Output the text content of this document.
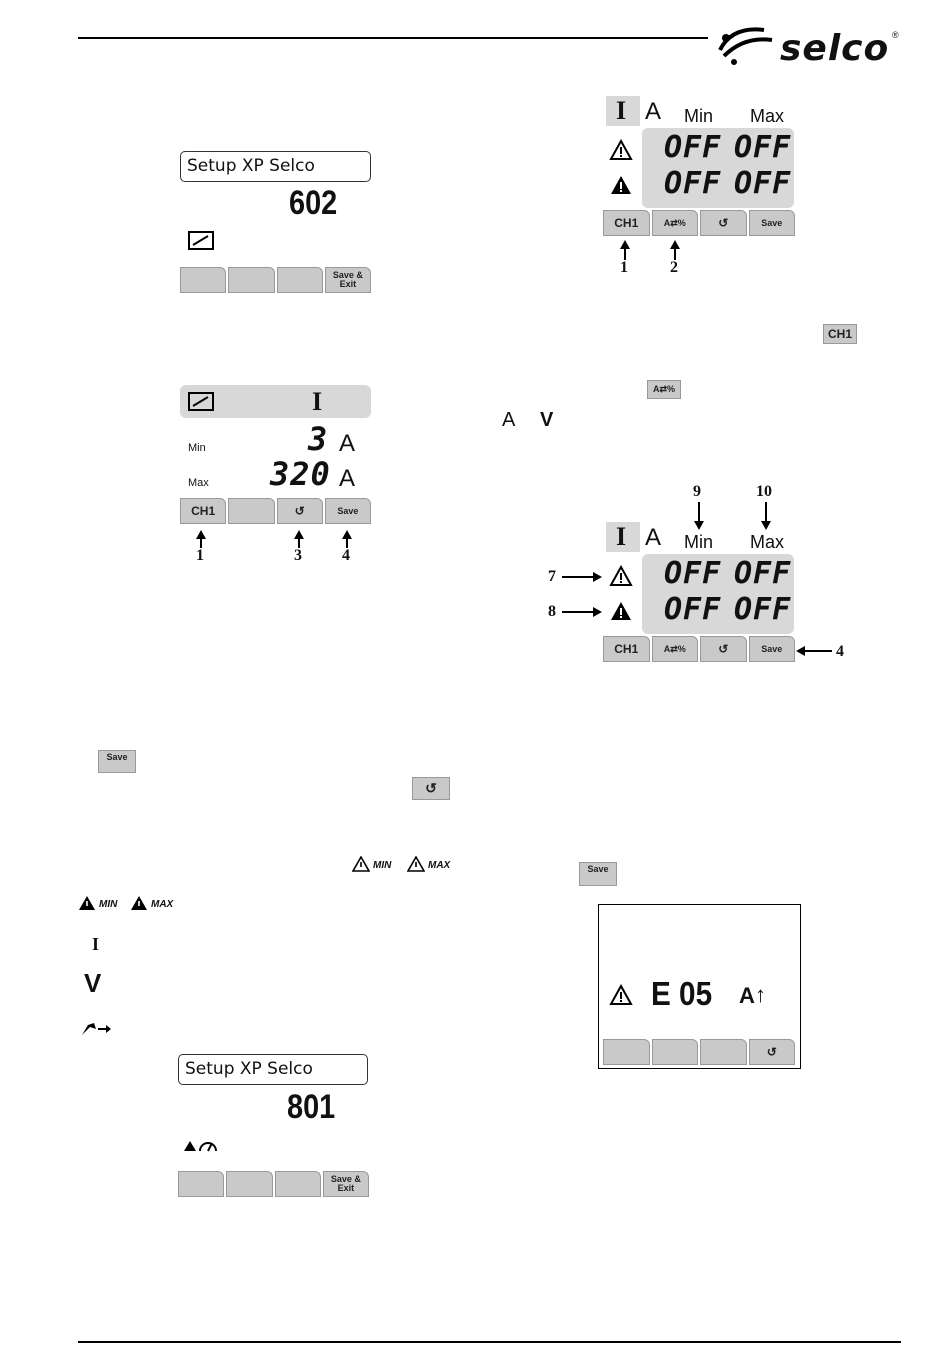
selco ®
Setup XP Selco
602
Save & Exit
I
Min	3 A
Max 320 A
CH1	↺	Save
1	3	4
I A Min Max
OFF OFF
OFF OFF
CH1	A⇄%	↺	Save
1	2
CH1
A⇄%
A V
9	10
I A Min Max
OFF OFF
OFF OFF
7
8
CH1	A⇄%	↺	Save	4
Save
↺
MIN	MAX
MIN	MAX
I
V
Setup XP Selco
801
Save & Exit
Save
E 05 A ↑
↺
